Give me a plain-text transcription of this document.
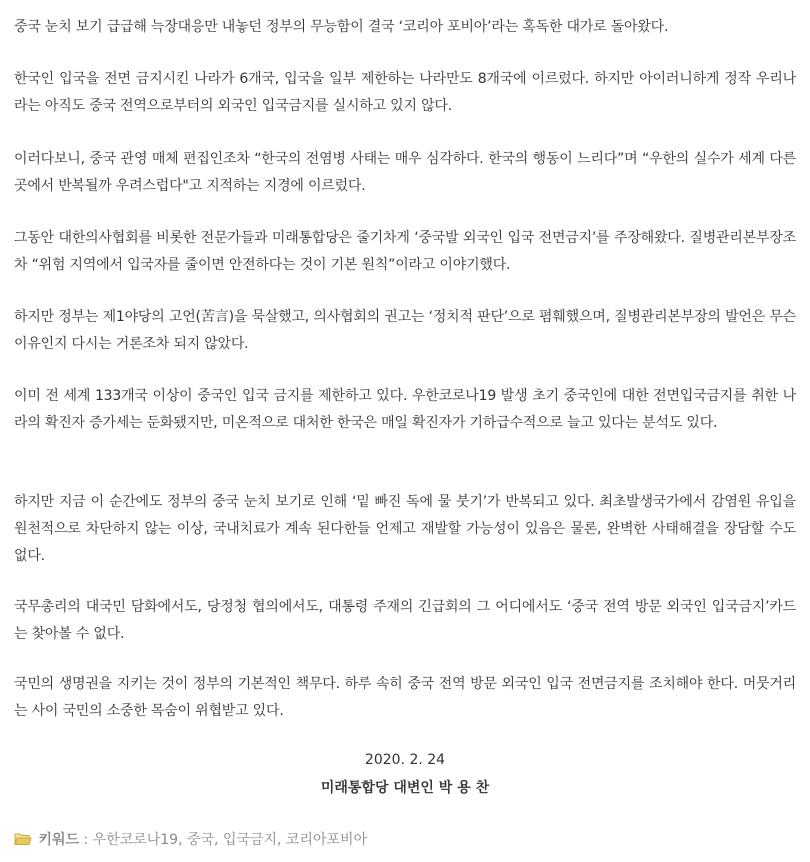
중국 눈치 보기 급급해 늑장대응만 내놓던 정부의 무능함이 결국 ‘코리아 포비아’라는 혹독한 대가로 돌아왔다.

한국인 입국을 전면 금지시킨 나라가 6개국, 입국을 일부 제한하는 나라만도 8개국에 이르렀다. 하지만 아이러니하게 정작 우리나라는 아직도 중국 전역으로부터의 외국인 입국금지를 실시하고 있지 않다.

이러다보니, 중국 관영 매체 편집인조차 “한국의 전염병 사태는 매우 심각하다. 한국의 행동이 느리다”며 “우한의 실수가 세계 다른 곳에서 반복될까 우려스럽다"고 지적하는 지경에 이르렀다.

그동안 대한의사협회를 비롯한 전문가들과 미래통합당은 줄기차게 ‘중국발 외국인 입국 전면금지’를 주장해왔다. 질병관리본부장조차 “위험 지역에서 입국자를 줄이면 안전하다는 것이 기본 원칙”이라고 이야기했다.

하지만 정부는 제1야당의 고언(苦言)을 묵살했고, 의사협회의 권고는 ‘정치적 판단’으로 폄훼했으며, 질병관리본부장의 발언은 무슨 이유인지 다시는 거론조차 되지 않았다.

이미 전 세계 133개국 이상이 중국인 입국 금지를 제한하고 있다. 우한코로나19 발생 초기 중국인에 대한 전면입국금지를 취한 나라의 확진자 증가세는 둔화됐지만, 미온적으로 대처한 한국은 매일 확진자가 기하급수적으로 늘고 있다는 분석도 있다.

하지만 지금 이 순간에도 정부의 중국 눈치 보기로 인해 ‘밑 빠진 독에 물 붓기’가 반복되고 있다. 최초발생국가에서 감염원 유입을 원천적으로 차단하지 않는 이상, 국내치료가 계속 된다한들 언제고 재발할 가능성이 있음은 물론, 완벽한 사태해결을 장담할 수도 없다.

국무총리의 대국민 담화에서도, 당정청 협의에서도, 대통령 주재의 긴급회의 그 어디에서도 ‘중국 전역 방문 외국인 입국금지’카드는 찾아볼 수 없다.

국민의 생명권을 지키는 것이 정부의 기본적인 책무다. 하루 속히 중국 전역 방문 외국인 입국 전면금지를 조치해야 한다. 머뭇거리는 사이 국민의 소중한 목숨이 위협받고 있다.

2020. 2. 24
미래통합당 대변인 박 용 찬
키워드 : 우한코로나19, 중국, 입국금지, 코리아포비아
